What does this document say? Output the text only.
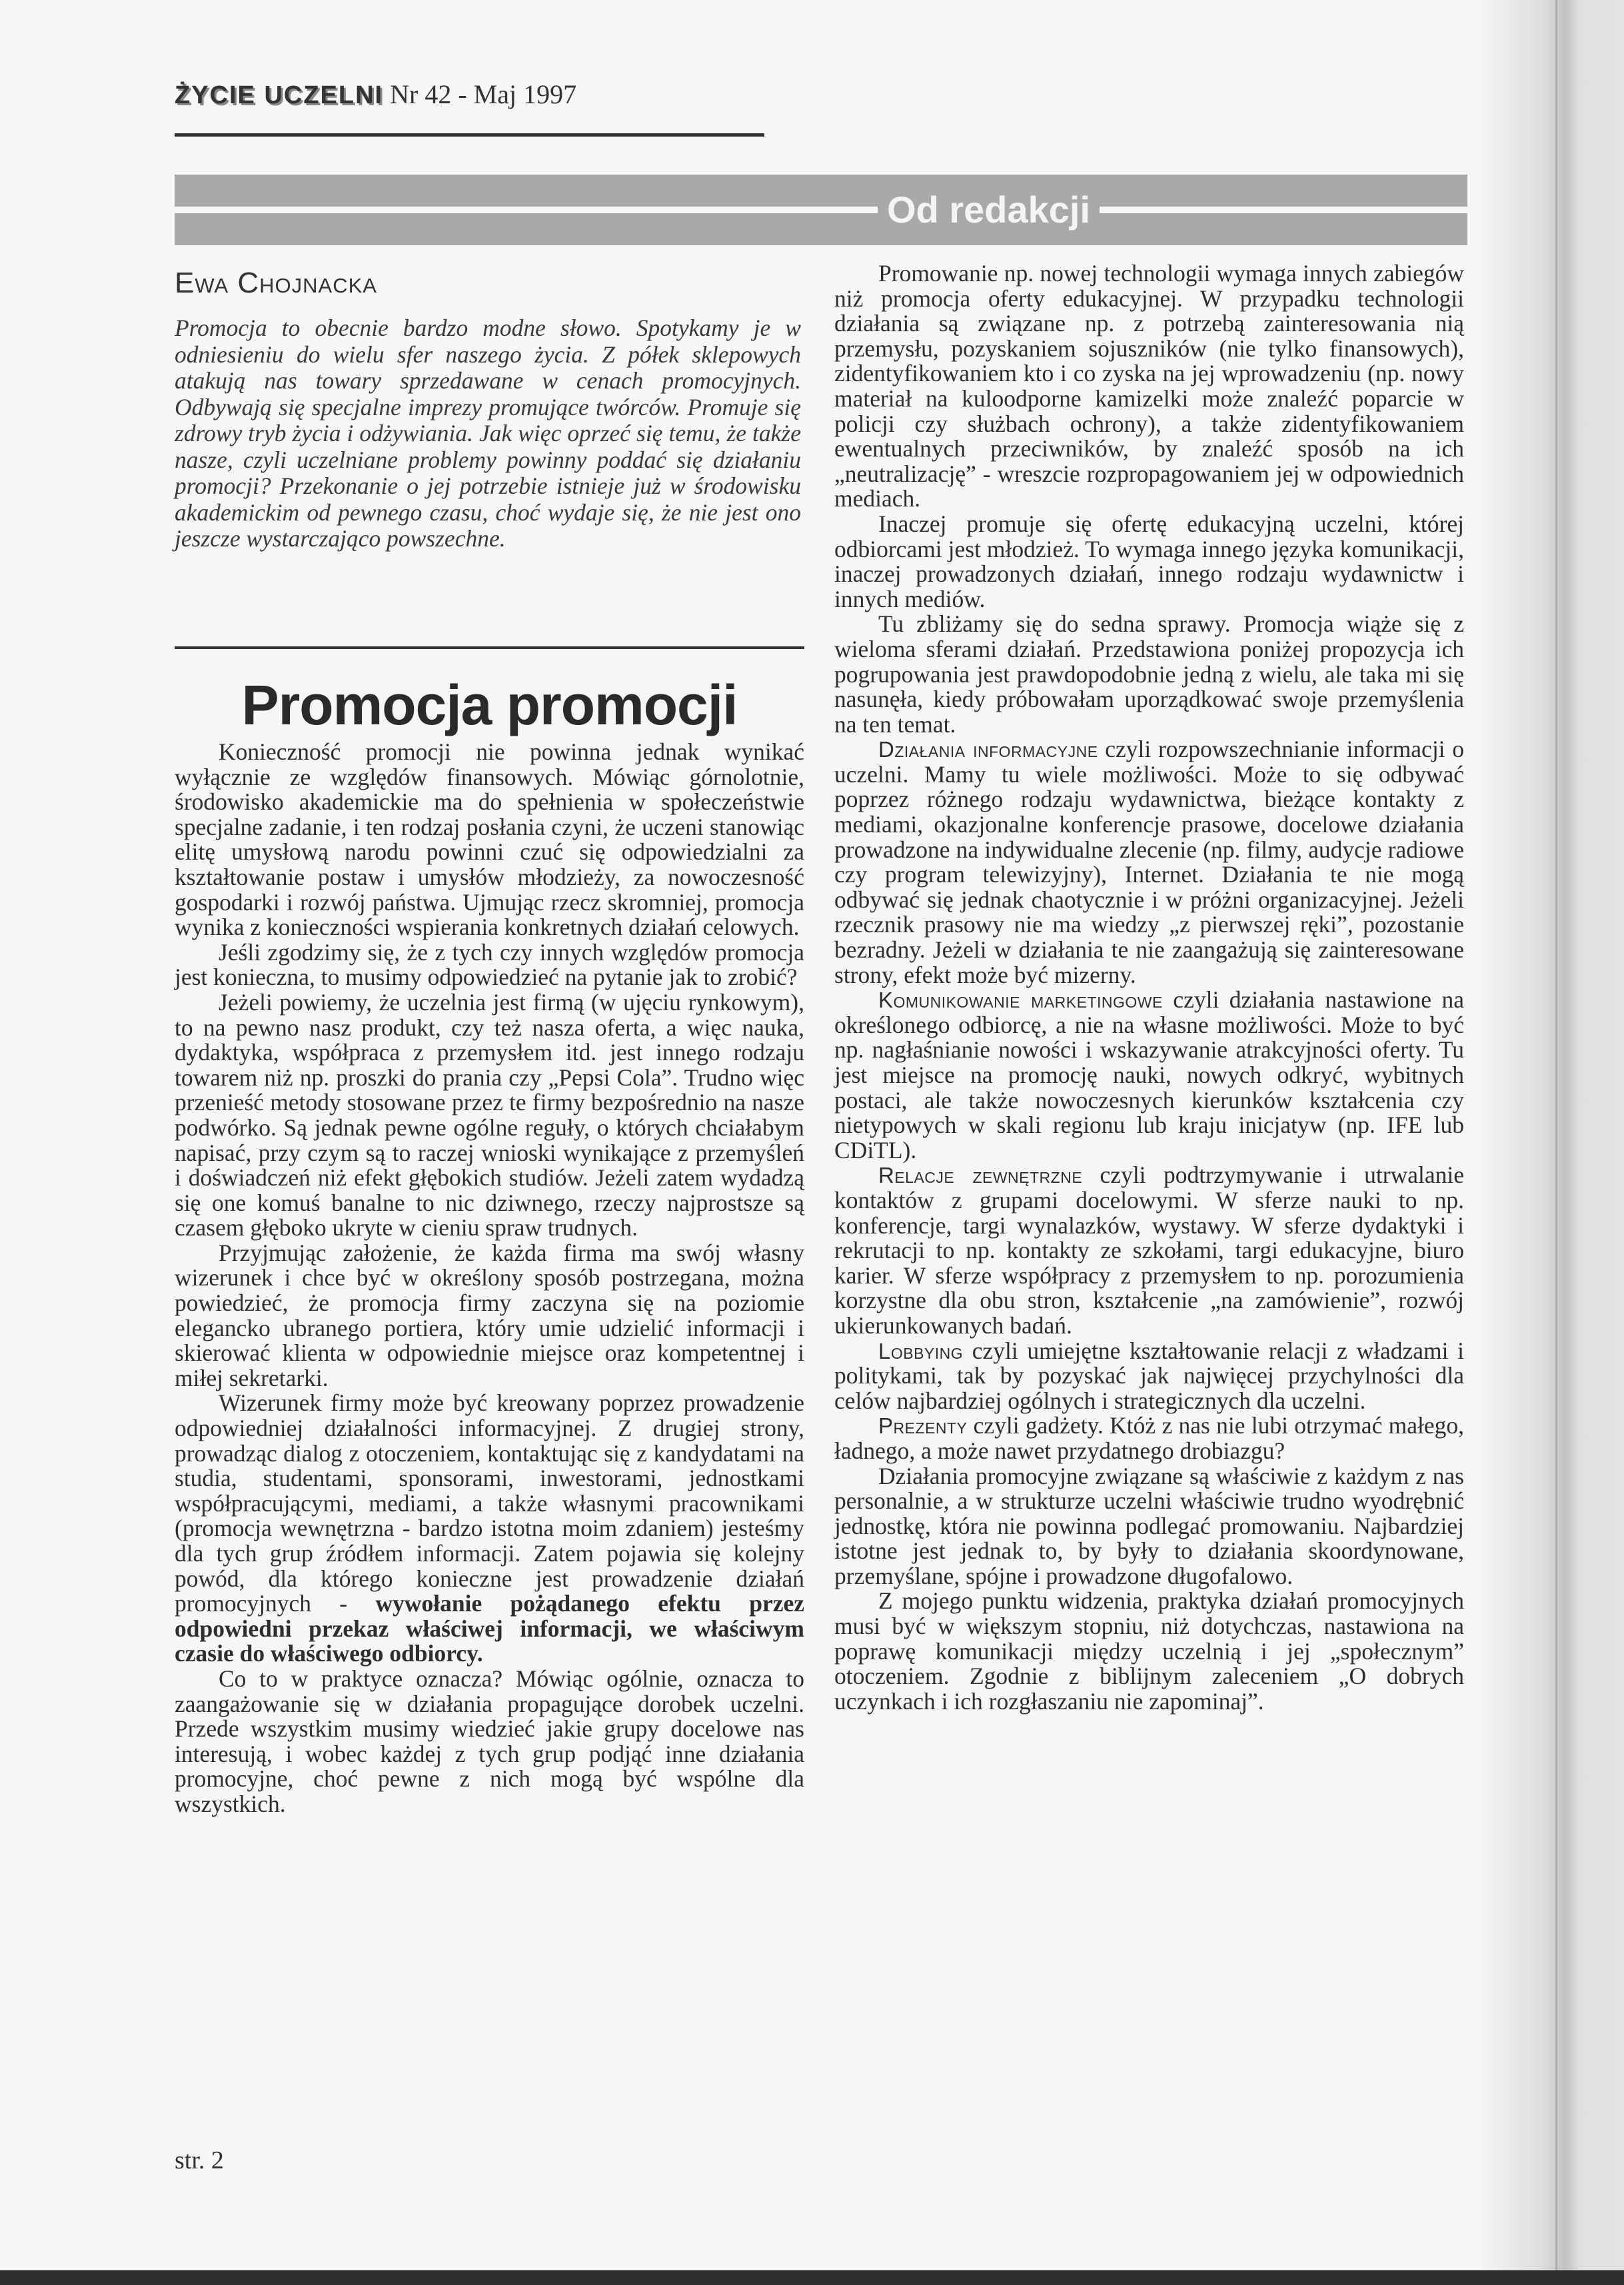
ŻYCIE UCZELNI Nr 42 - Maj 1997
Od redakcji
Ewa Chojnacka
Promocja to obecnie bardzo modne słowo. Spotykamy je w odniesieniu do wielu sfer naszego życia. Z półek sklepowych atakują nas towary sprzedawane w cenach promocyjnych. Odbywają się specjalne imprezy promujące twórców. Promuje się zdrowy tryb życia i odżywiania. Jak więc oprzeć się temu, że także nasze, czyli uczelniane problemy powinny poddać się działaniu promocji? Przekonanie o jej potrzebie istnieje już w środowisku akademickim od pewnego czasu, choć wydaje się, że nie jest ono jeszcze wystarczająco powszechne.
Promocja promocji

Konieczność promocji nie powinna jednak wynikać wyłącznie ze względów finansowych. Mówiąc górnolotnie, środowisko akademickie ma do spełnienia w społeczeństwie specjalne zadanie, i ten rodzaj posłania czyni, że uczeni stanowiąc elitę umysłową narodu powinni czuć się odpowiedzialni za kształtowanie postaw i umysłów młodzieży, za nowoczesność gospodarki i rozwój państwa. Ujmując rzecz skromniej, promocja wynika z konieczności wspierania konkretnych działań celowych.

Jeśli zgodzimy się, że z tych czy innych względów promocja jest konieczna, to musimy odpowiedzieć na pytanie jak to zrobić?

Jeżeli powiemy, że uczelnia jest firmą (w ujęciu rynkowym), to na pewno nasz produkt, czy też nasza oferta, a więc nauka, dydaktyka, współpraca z przemysłem itd. jest innego rodzaju towarem niż np. proszki do prania czy „Pepsi Cola”. Trudno więc przenieść metody stosowane przez te firmy bezpośrednio na nasze podwórko. Są jednak pewne ogólne reguły, o których chciałabym napisać, przy czym są to raczej wnioski wynikające z przemyśleń i doświadczeń niż efekt głębokich studiów. Jeżeli zatem wydadzą się one komuś banalne to nic dziwnego, rzeczy najprostsze są czasem głęboko ukryte w cieniu spraw trudnych.

Przyjmując założenie, że każda firma ma swój własny wizerunek i chce być w określony sposób postrzegana, można powiedzieć, że promocja firmy zaczyna się na poziomie elegancko ubranego portiera, który umie udzielić informacji i skierować klienta w odpowiednie miejsce oraz kompetentnej i miłej sekretarki.

Wizerunek firmy może być kreowany poprzez prowadzenie odpowiedniej działalności informacyjnej. Z drugiej strony, prowadząc dialog z otoczeniem, kontaktując się z kandydatami na studia, studentami, sponsorami, inwestorami, jednostkami współpracującymi, mediami, a także własnymi pracownikami (promocja wewnętrzna - bardzo istotna moim zdaniem) jesteśmy dla tych grup źródłem informacji. Zatem pojawia się kolejny powód, dla którego konieczne jest prowadzenie działań promocyjnych - wywołanie pożądanego efektu przez odpowiedni przekaz właściwej informacji, we właściwym czasie do właściwego odbiorcy.

Co to w praktyce oznacza? Mówiąc ogólnie, oznacza to zaangażowanie się w działania propagujące dorobek uczelni. Przede wszystkim musimy wiedzieć jakie grupy docelowe nas interesują, i wobec każdej z tych grup podjąć inne działania promocyjne, choć pewne z nich mogą być wspólne dla wszystkich.

Promowanie np. nowej technologii wymaga innych zabiegów niż promocja oferty edukacyjnej. W przypadku technologii działania są związane np. z potrzebą zainteresowania nią przemysłu, pozyskaniem sojuszników (nie tylko finansowych), zidentyfikowaniem kto i co zyska na jej wprowadzeniu (np. nowy materiał na kuloodporne kamizelki może znaleźć poparcie w policji czy służbach ochrony), a także zidentyfikowaniem ewentualnych przeciwników, by znaleźć sposób na ich „neutralizację” - wreszcie rozpropagowaniem jej w odpowiednich mediach.

Inaczej promuje się ofertę edukacyjną uczelni, której odbiorcami jest młodzież. To wymaga innego języka komunikacji, inaczej prowadzonych działań, innego rodzaju wydawnictw i innych mediów.

Tu zbliżamy się do sedna sprawy. Promocja wiąże się z wieloma sferami działań. Przedstawiona poniżej propozycja ich pogrupowania jest prawdopodobnie jedną z wielu, ale taka mi się nasunęła, kiedy próbowałam uporządkować swoje przemyślenia na ten temat.

Działania informacyjne czyli rozpowszechnianie informacji o uczelni. Mamy tu wiele możliwości. Może to się odbywać poprzez różnego rodzaju wydawnictwa, bieżące kontakty z mediami, okazjonalne konferencje prasowe, docelowe działania prowadzone na indywidualne zlecenie (np. filmy, audycje radiowe czy program telewizyjny), Internet. Działania te nie mogą odbywać się jednak chaotycznie i w próżni organizacyjnej. Jeżeli rzecznik prasowy nie ma wiedzy „z pierwszej ręki”, pozostanie bezradny. Jeżeli w działania te nie zaangażują się zainteresowane strony, efekt może być mizerny.

Komunikowanie marketingowe czyli działania nastawione na określonego odbiorcę, a nie na własne możliwości. Może to być np. nagłaśnianie nowości i wskazywanie atrakcyjności oferty. Tu jest miejsce na promocję nauki, nowych odkryć, wybitnych postaci, ale także nowoczesnych kierunków kształcenia czy nietypowych w skali regionu lub kraju inicjatyw (np. IFE lub CDiTL).

Relacje zewnętrzne czyli podtrzymywanie i utrwalanie kontaktów z grupami docelowymi. W sferze nauki to np. konferencje, targi wynalazków, wystawy. W sferze dydaktyki i rekrutacji to np. kontakty ze szkołami, targi edukacyjne, biuro karier. W sferze współpracy z przemysłem to np. porozumienia korzystne dla obu stron, kształcenie „na zamówienie”, rozwój ukierunkowanych badań.

Lobbying czyli umiejętne kształtowanie relacji z władzami i politykami, tak by pozyskać jak najwięcej przychylności dla celów najbardziej ogólnych i strategicznych dla uczelni.

Prezenty czyli gadżety. Któż z nas nie lubi otrzymać małego, ładnego, a może nawet przydatnego drobiazgu?

Działania promocyjne związane są właściwie z każdym z nas personalnie, a w strukturze uczelni właściwie trudno wyodrębnić jednostkę, która nie powinna podlegać promowaniu. Najbardziej istotne jest jednak to, by były to działania skoordynowane, przemyślane, spójne i prowadzone długofalowo.

Z mojego punktu widzenia, praktyka działań promocyjnych musi być w większym stopniu, niż dotychczas, nastawiona na poprawę komunikacji między uczelnią i jej „społecznym” otoczeniem. Zgodnie z biblijnym zaleceniem „O dobrych uczynkach i ich rozgłaszaniu nie zapominaj”.

str. 2
